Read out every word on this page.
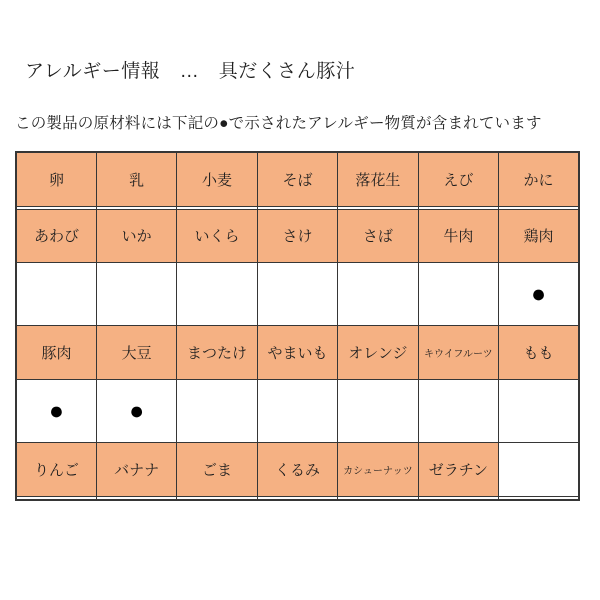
アレルギー情報　…　具だくさん豚汁
この製品の原材料には下記の●で示されたアレルギー物質が含まれています
卵	乳	小麦	そば	落花生	えび	かに

あわび	いか	いくら	さけ	さば	牛肉	鶏肉
						●
豚肉	大豆	まつたけ	やまいも	オレンジ	キウイフルーツ	もも
●	●					
りんご	バナナ	ごま	くるみ	カシューナッツ	ゼラチン	
